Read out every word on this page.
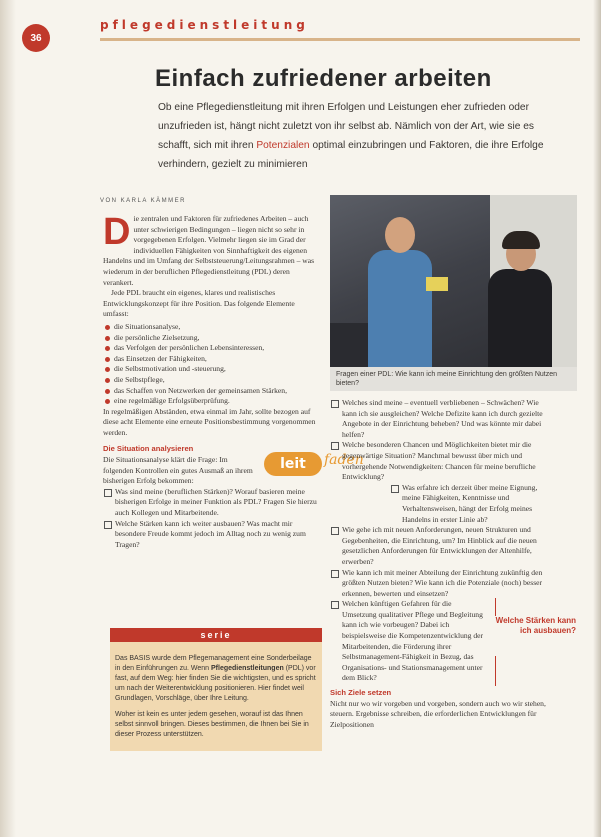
36
pflegedienstleitung
Einfach zufriedener arbeiten

Ob eine Pflegedienstleitung mit ihren Erfolgen und Leistungen eher zufrieden oder unzufrieden ist, hängt nicht zuletzt von ihr selbst ab. Nämlich von der Art, wie sie es schafft, sich mit ihren Potenzialen optimal einzubringen und Faktoren, die ihre Erfolge verhindern, gezielt zu minimieren

VON KARLA KÄMMER

Die zentralen und Faktoren für zufriedenes Arbeiten – auch unter schwierigen Bedingungen – liegen nicht so sehr in vorgegebenen Erfolgen. Vielmehr liegen sie im Grad der individuellen Fähigkeiten von Sinnhaftigkeit des eigenen Handelns und im Umfang der Selbststeuerung/Leitungsrahmen – was wiederum in der beruflichen Pflegedienstleitung (PDL) deren verankert.

Jede PDL braucht ein eigenes, klares und realistisches Entwicklungskonzept für ihre Position. Das folgende Elemente umfasst:

die Situationsanalyse,
die persönliche Zielsetzung,
das Verfolgen der persönlichen Lebensinteressen,
das Einsetzen der Fähigkeiten,
die Selbstmotivation und -steuerung,
die Selbstpflege,
das Schaffen von Netzwerken der gemeinsamen Stärken,
eine regelmäßige Erfolgsüberprüfung.

In regelmäßigen Abständen, etwa einmal im Jahr, sollte bezogen auf diese acht Elemente eine erneute Positionsbestimmung vorgenommen werden.

Die Situation analysieren

Die Situationsanalyse klärt die Frage: Im folgenden Kontrollen ein gutes Ausmaß an ihrem bisherigen Erfolg bekommen:

Was sind meine (beruflichen Stärken)? Worauf basieren meine bisherigen Erfolge in meiner Funktion als PDL? Fragen Sie hierzu auch Kollegen und Mitarbeitende.
Welche Stärken kann ich weiter ausbauen? Was macht mir besondere Freude kommt jedoch im Alltag noch zu wenig zum Tragen?
leit	faden
serie

Das BASIS wurde dem Pflegemanagement eine Sonderbeilage in den Einführungen zu. Wenn Pflegedienstleitungen (PDL) vor fast, auf dem Weg: hier finden Sie die wichtigsten, und es spricht um nach der Weiterentwicklung positionieren. Hier findet weil Grundlagen, Vorschläge, über Ihre Leitung.

Woher ist kein es unter jedem gesehen, worauf ist das Ihnen selbst sinnvoll bringen. Dieses bestimmen, die Ihnen bei Sie in dieser Prozess unterstützen.

Fragen einer PDL: Wie kann ich meine Einrichtung den größten Nutzen bieten?
Welches sind meine – eventuell verbliebenen – Schwächen? Wie kann ich sie ausgleichen? Welche Defizite kann ich durch gezielte Angebote in der Einrichtung beheben? Und was könnte mir dabei helfen?
Welche besonderen Chancen und Möglichkeiten bietet mir die gegenwärtige Situation? Manchmal bewusst über mich und vorhergehende Notwendigkeiten: Chancen für meine berufliche Entwicklung?
Was erfahre ich derzeit über meine Eignung, meine Fähigkeiten, Kenntnisse und Verhaltensweisen, hängt der Erfolg meines Handelns in erster Linie ab?
Wie gehe ich mit neuen Anforderungen, neuen Strukturen und Gegebenheiten, die Einrichtung, um? Im Hinblick auf die neuen gesetzlichen Anforderungen für Entwicklungen der Altenhilfe, erwerben?
Wie kann ich mit meiner Abteilung der Einrichtung zukünftig den größten Nutzen bieten? Wie kann ich die Potenziale (noch) besser erkennen, bewerten und einsetzen?
Welchen künftigen Gefahren für die Umsetzung qualitativer Pflege und Begleitung kann ich wie vorbeugen? Dabei ich beispielsweise die Kompetenzentwicklung der Mitarbeitenden, die Förderung ihrer Selbstmanagement-Fähigkeit in Bezug, das Organisations- und Stationsmanagement unter dem Blick?
Sich Ziele setzen

Nicht nur wo wir vorgeben und vorgeben, sondern auch wo wir stehen, steuern. Ergebnisse schreiben, die erforderlichen Entwicklungen für Zielpositionen

Welche Stärken kann ich ausbauen?
